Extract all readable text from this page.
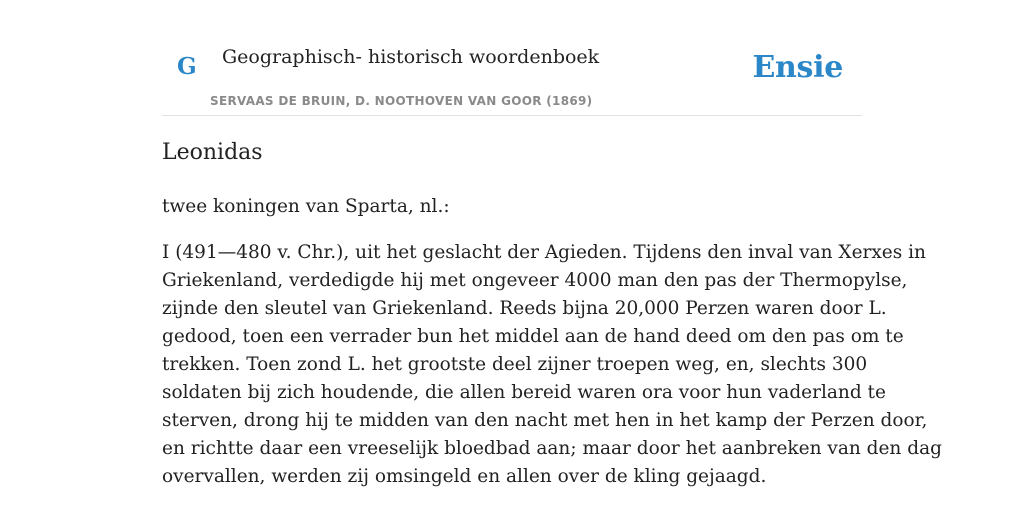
G Geographisch- historisch woordenboek
SERVAAS DE BRUIN, D. NOOTHOVEN VAN GOOR (1869)
Ensie
Leonidas

twee koningen van Sparta, nl.:

I (491—480 v. Chr.), uit het geslacht der Agieden. Tijdens den inval van Xerxes in
Griekenland, verdedigde hij met ongeveer 4000 man den pas der Thermopylse,
zijnde den sleutel van Griekenland. Reeds bijna 20,000 Perzen waren door L.
gedood, toen een verrader bun het middel aan de hand deed om den pas om te
trekken. Toen zond L. het grootste deel zijner troepen weg, en, slechts 300
soldaten bij zich houdende, die allen bereid waren ora voor hun vaderland te
sterven, drong hij te midden van den nacht met hen in het kamp der Perzen door,
en richtte daar een vreeselijk bloedbad aan; maar door het aanbreken van den dag
overvallen, werden zij omsingeld en allen over de kling gejaagd.
